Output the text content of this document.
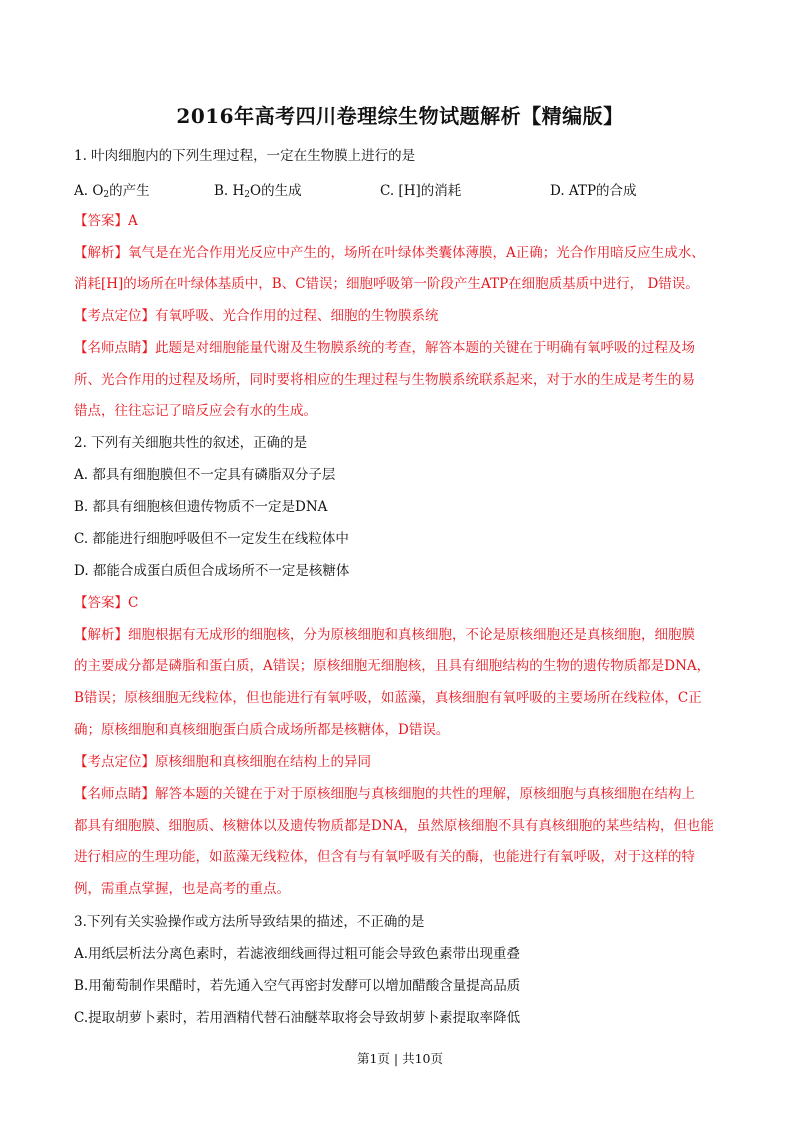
2016年高考四川卷理综生物试题解析【精编版】
1. 叶肉细胞内的下列生理过程，一定在生物膜上进行的是
A. $O_2$的产生	B. $H_2O$的生成	C. [H]的消耗	D. ATP的合成
【答案】A
【解析】氧气是在光合作用光反应中产生的，场所在叶绿体类囊体薄膜，A正确；光合作用暗反应生成水、
消耗[H]的场所在叶绿体基质中，B、C错误；细胞呼吸第一阶段产生ATP在细胞质基质中进行， D错误。
【考点定位】有氧呼吸、光合作用的过程、细胞的生物膜系统
【名师点睛】此题是对细胞能量代谢及生物膜系统的考查，解答本题的关键在于明确有氧呼吸的过程及场
所、光合作用的过程及场所，同时要将相应的生理过程与生物膜系统联系起来，对于水的生成是考生的易
错点，往往忘记了暗反应会有水的生成。
2. 下列有关细胞共性的叙述，正确的是
A. 都具有细胞膜但不一定具有磷脂双分子层
B. 都具有细胞核但遗传物质不一定是DNA
C. 都能进行细胞呼吸但不一定发生在线粒体中
D. 都能合成蛋白质但合成场所不一定是核糖体
【答案】C
【解析】细胞根据有无成形的细胞核，分为原核细胞和真核细胞，不论是原核细胞还是真核细胞，细胞膜
的主要成分都是磷脂和蛋白质，A错误；原核细胞无细胞核，且具有细胞结构的生物的遗传物质都是DNA，
B错误；原核细胞无线粒体，但也能进行有氧呼吸，如蓝藻，真核细胞有氧呼吸的主要场所在线粒体，C正
确；原核细胞和真核细胞蛋白质合成场所都是核糖体，D错误。
【考点定位】原核细胞和真核细胞在结构上的异同
【名师点睛】解答本题的关键在于对于原核细胞与真核细胞的共性的理解，原核细胞与真核细胞在结构上
都具有细胞膜、细胞质、核糖体以及遗传物质都是DNA，虽然原核细胞不具有真核细胞的某些结构，但也能
进行相应的生理功能，如蓝藻无线粒体，但含有与有氧呼吸有关的酶，也能进行有氧呼吸，对于这样的特
例，需重点掌握，也是高考的重点。
3.下列有关实验操作或方法所导致结果的描述，不正确的是
A.用纸层析法分离色素时，若滤液细线画得过粗可能会导致色素带出现重叠
B.用葡萄制作果醋时，若先通入空气再密封发酵可以增加醋酸含量提高品质
C.提取胡萝卜素时，若用酒精代替石油醚萃取将会导致胡萝卜素提取率降低
第1页 | 共10页
